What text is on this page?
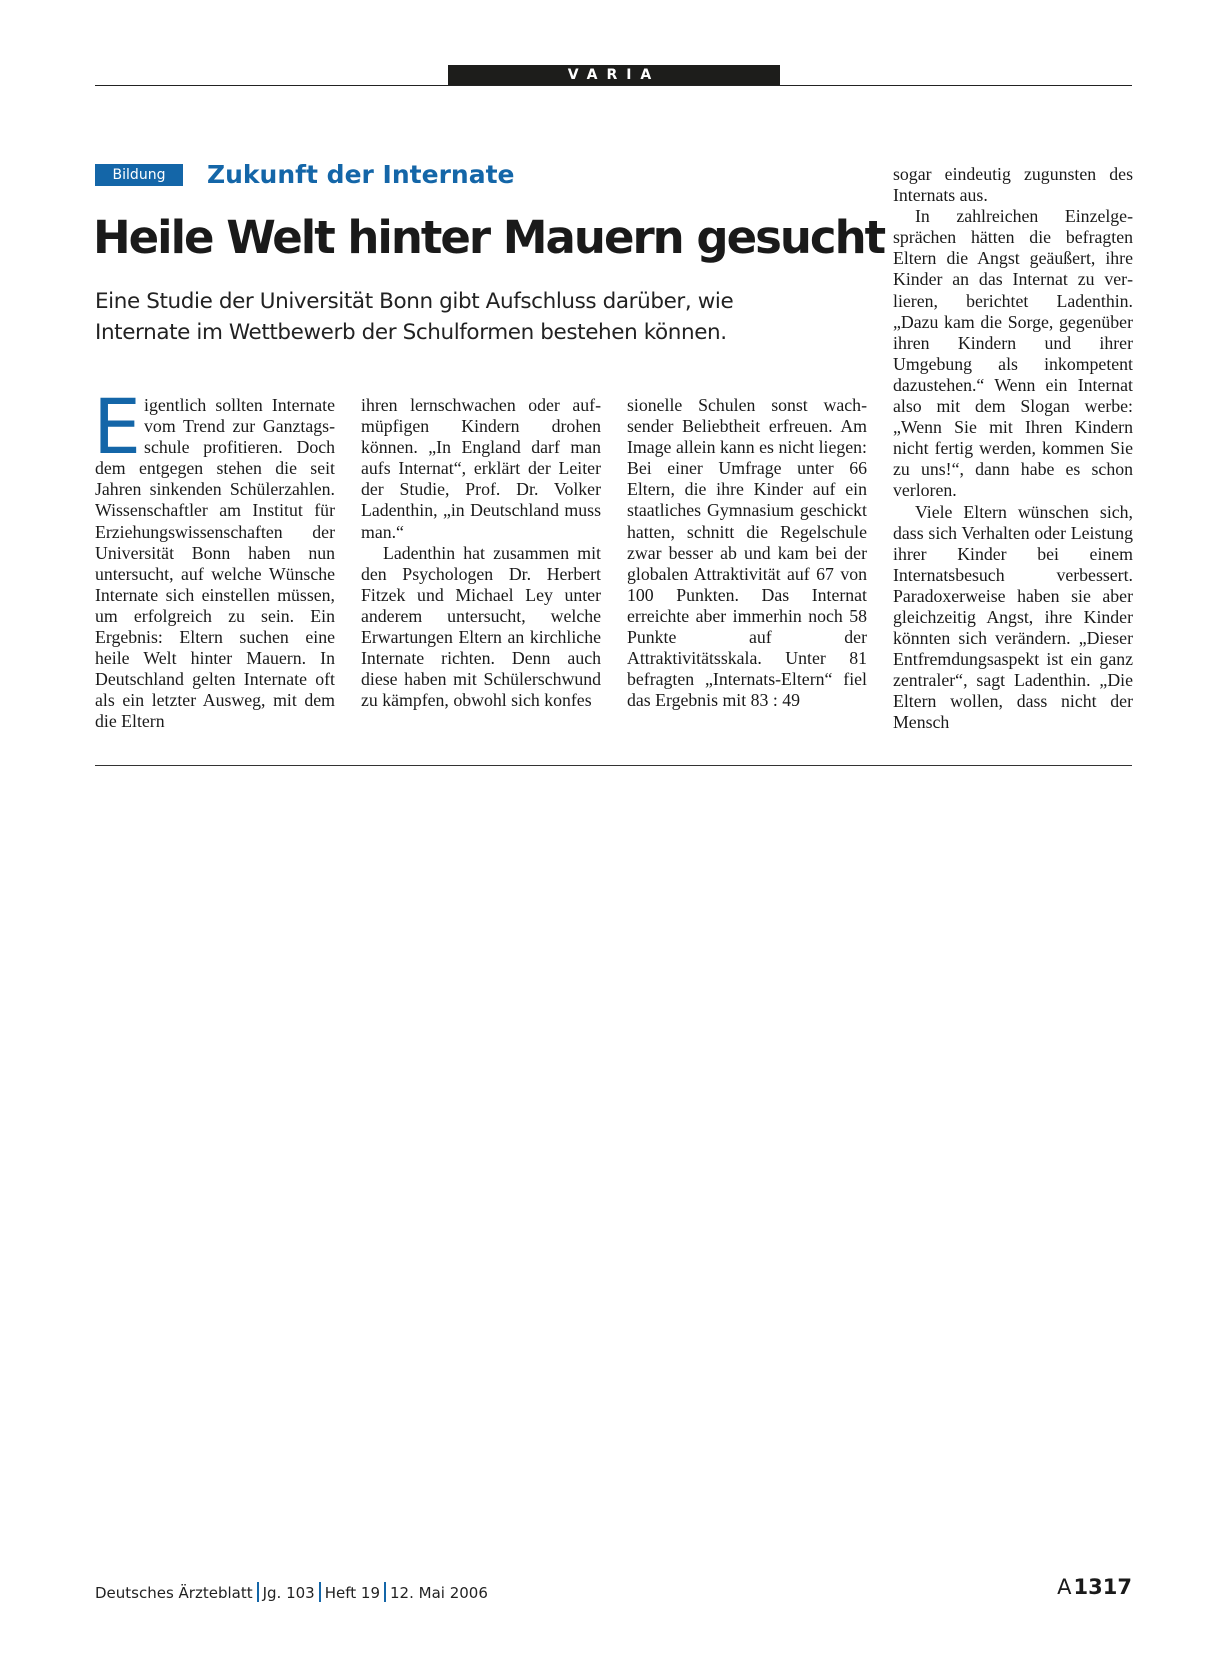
VARIA
Bildung	Zukunft der Internate
Heile Welt hinter Mauern gesucht
Eine Studie der Universität Bonn gibt Aufschluss darüber, wie Internate im Wettbewerb der Schulformen bestehen können.

Eigentlich sollten Internate vom Trend zur Ganztagsschule profitieren. Doch dem entgegen stehen die seit Jahren sinkenden Schülerzahlen. Wissenschaftler am Institut für Erziehungswissenschaften der Universität Bonn haben nun untersucht, auf welche Wünsche Internate sich einstellen müssen, um erfolgreich zu sein. Ein Ergebnis: Eltern suchen eine heile Welt hinter Mauern. In Deutschland gelten Internate oft als ein letzter Ausweg, mit dem die Eltern

ihren lernschwachen oder aufmüpfigen Kindern drohen können. „In England darf man aufs Internat“, erklärt der Leiter der Studie, Prof. Dr. Volker Ladenthin, „in Deutschland muss man.“

Ladenthin hat zusammen mit den Psychologen Dr. Herbert Fitzek und Michael Ley unter anderem untersucht, welche Erwartungen Eltern an kirchliche Internate richten. Denn auch diese haben mit Schülerschwund zu kämpfen, obwohl sich konfes

sionelle Schulen sonst wachsender Beliebtheit erfreuen. Am Image allein kann es nicht liegen: Bei einer Umfrage unter 66 Eltern, die ihre Kinder auf ein staatliches Gymnasium geschickt hatten, schnitt die Regelschule zwar besser ab und kam bei der globalen Attraktivität auf 67 von 100 Punkten. Das Internat erreichte aber immerhin noch 58 Punkte auf der Attraktivitätsskala. Unter 81 befragten „Internats-Eltern“ fiel das Ergebnis mit 83 : 49

sogar eindeutig zugunsten des Internats aus.

In zahlreichen Einzelgesprächen hätten die befragten Eltern die Angst geäußert, ihre Kinder an das Internat zu verlieren, berichtet Ladenthin. „Dazu kam die Sorge, gegenüber ihren Kindern und ihrer Umgebung als inkompetent dazustehen.“ Wenn ein Internat also mit dem Slogan werbe: „Wenn Sie mit Ihren Kindern nicht fertig werden, kommen Sie zu uns!“, dann habe es schon verloren.

Viele Eltern wünschen sich, dass sich Verhalten oder Leistung ihrer Kinder bei einem Internatsbesuch verbessert. Paradoxerweise haben sie aber gleichzeitig Angst, ihre Kinder könnten sich verändern. „Dieser Entfremdungsaspekt ist ein ganz zentraler“, sagt Ladenthin. „Die Eltern wollen, dass nicht der Mensch

Deutsches Ärzteblatt Jg. 103 Heft 19 12. Mai 2006	A 1317
